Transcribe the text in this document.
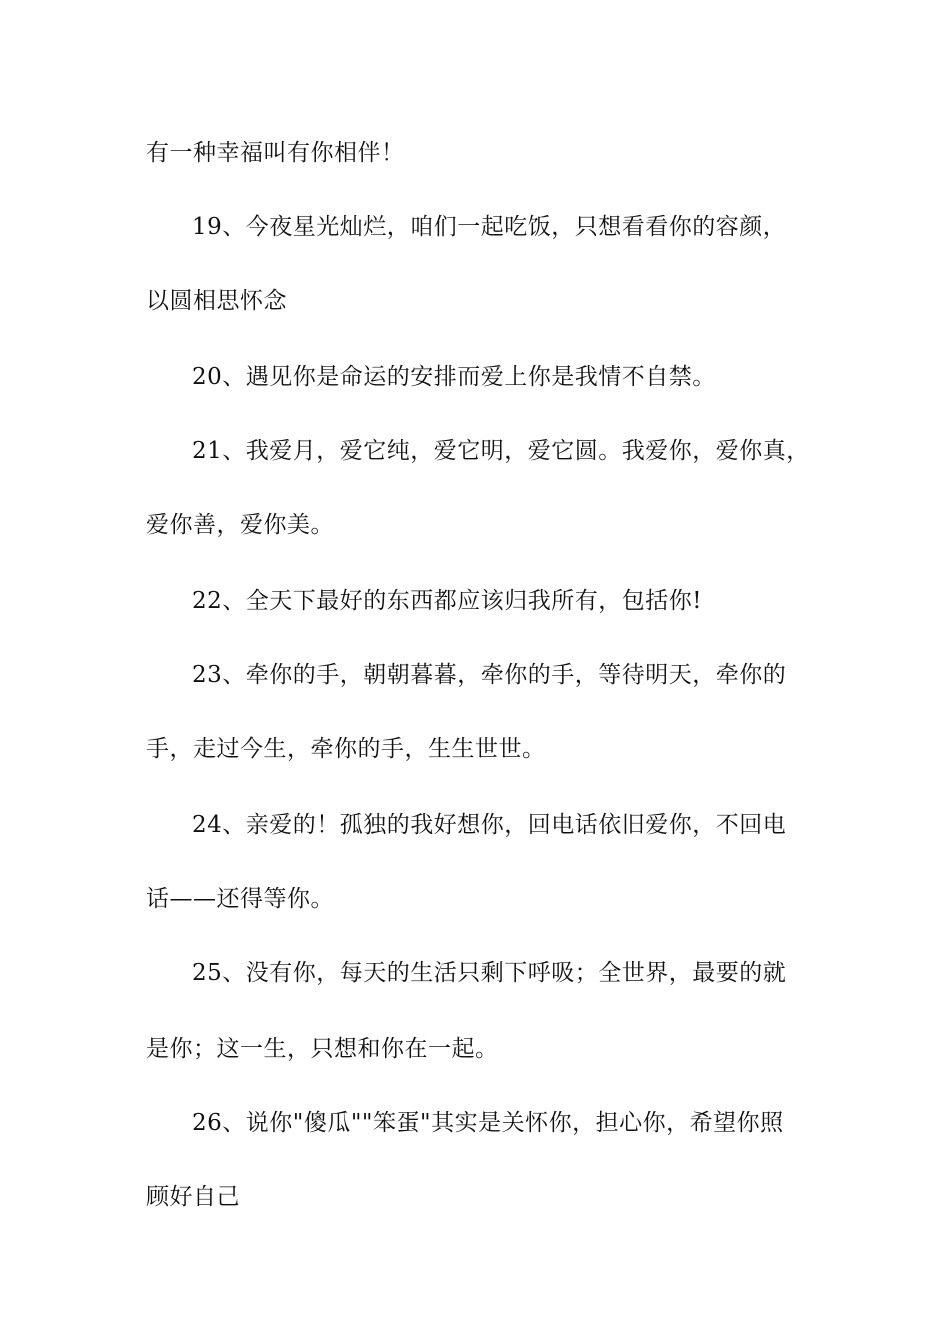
有一种幸福叫有你相伴！

19、今夜星光灿烂，咱们一起吃饭，只想看看你的容颜，

以圆相思怀念

20、遇见你是命运的安排而爱上你是我情不自禁。

21、我爱月，爱它纯，爱它明，爱它圆。我爱你，爱你真，

爱你善，爱你美。

22、全天下最好的东西都应该归我所有，包括你!

23、牵你的手，朝朝暮暮，牵你的手，等待明天，牵你的

手，走过今生，牵你的手，生生世世。

24、亲爱的！孤独的我好想你，回电话依旧爱你，不回电

话——还得等你。

25、没有你，每天的生活只剩下呼吸；全世界，最要的就

是你；这一生，只想和你在一起。

26、说你"傻瓜""笨蛋"其实是关怀你，担心你，希望你照

顾好自己
